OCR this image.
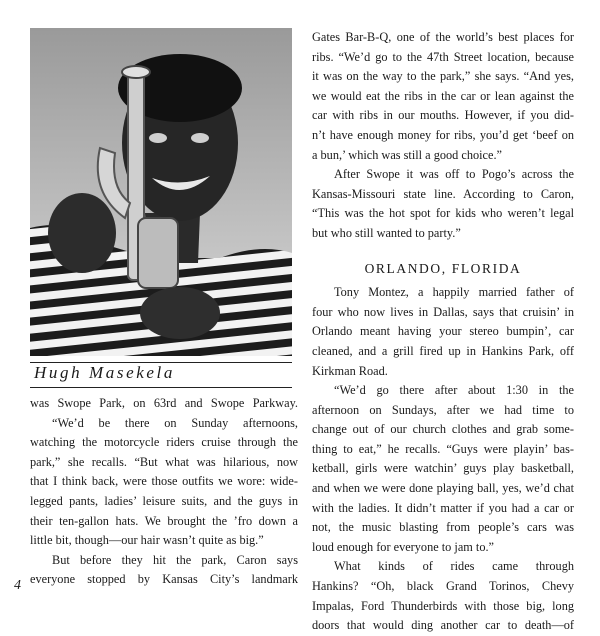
Hugh Masekela

was Swope Park, on 63rd and Swope Parkway.

“We’d be there on Sunday afternoons,

watching the motorcycle riders cruise through the

park,” she recalls. “But what was hilarious, now

that I think back, were those outfits we wore: wide-

legged pants, ladies’ leisure suits, and the guys in

their ten-gallon hats. We brought the ’fro down a

little bit, though—our hair wasn’t quite as big.”

But before they hit the park, Caron says

everyone stopped by Kansas City’s landmark

Gates Bar-B-Q, one of the world’s best places for

ribs. “We’d go to the 47th Street location, because

it was on the way to the park,” she says. “And yes,

we would eat the ribs in the car or lean against the

car with ribs in our mouths. However, if you did-

n’t have enough money for ribs, you’d get ‘beef on

a bun,’ which was still a good choice.”

After Swope it was off to Pogo’s across the

Kansas-Missouri state line. According to Caron,

“This was the hot spot for kids who weren’t legal

but who still wanted to party.”

ORLANDO, FLORIDA

Tony Montez, a happily married father of

four who now lives in Dallas, says that cruisin’ in

Orlando meant having your stereo bumpin’, car

cleaned, and a grill fired up in Hankins Park, off

Kirkman Road.

“We’d go there after about 1:30 in the

afternoon on Sundays, after we had time to

change out of our church clothes and grab some-

thing to eat,” he recalls. “Guys were playin’ bas-

ketball, girls were watchin’ guys play basketball,

and when we were done playing ball, yes, we’d chat

with the ladies. It didn’t matter if you had a car or

not, the music blasting from people’s cars was

loud enough for everyone to jam to.”

What kinds of rides came through

Hankins? “Oh, black Grand Torinos, Chevy

Impalas, Ford Thunderbirds with those big, long

doors that would ding another car to death—of

4
